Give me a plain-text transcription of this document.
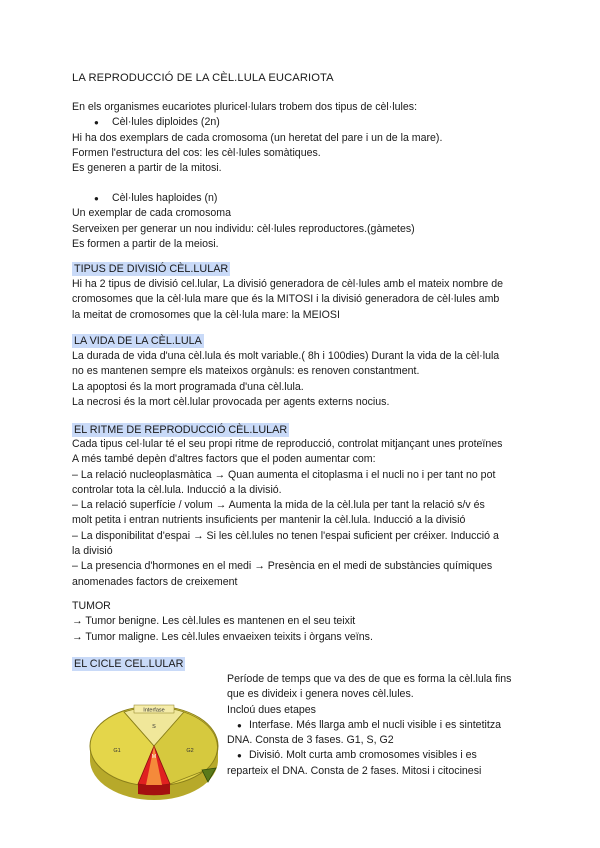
LA REPRODUCCIÓ DE LA CÈL.LULA EUCARIOTA

En els organismes eucariotes pluricel·lulars trobem dos tipus de cèl·lules:

● Cèl·lules diploides (2n)

Hi ha dos exemplars de cada cromosoma (un heretat del pare i un de la mare).

Formen l'estructura del cos: les cèl·lules somàtiques.

Es generen a partir de la mitosi.

● Cèl·lules haploides (n)

Un exemplar de cada cromosoma

Serveixen per generar un nou individu: cèl·lules reproductores.(gàmetes)

Es formen a partir de la meiosi.

TIPUS DE DIVISIÓ CÈL.LULAR

Hi ha 2 tipus de divisió cel.lular, La divisió generadora de cèl·lules amb el mateix nombre de

cromosomes que la cèl·lula mare que és la MITOSI i la divisió generadora de cèl·lules amb

la meitat de cromosomes que la cèl·lula mare: la MEIOSI

LA VIDA DE LA CÈL.LULA

La durada de vida d'una cèl.lula és molt variable.( 8h i 100dies) Durant la vida de la cèl·lula

no es mantenen sempre els mateixos orgànuls: es renoven constantment.

La apoptosi és la mort programada d'una cèl.lula.

La necrosi és la mort cèl.lular provocada per agents externs nocius.

EL RITME DE REPRODUCCIÓ CÈL.LULAR

Cada tipus cel·lular té el seu propi ritme de reproducció, controlat mitjançant unes proteïnes

A més també depèn d'altres factors que el poden aumentar com:

– La relació nucleoplasmàtica → Quan aumenta el citoplasma i el nucli no i per tant no pot

controlar tota la cèl.lula. Inducció a la divisió.

– La relació superfície / volum → Aumenta la mida de la cèl.lula per tant la relació s/v és

molt petita i entran nutrients insuficients per mantenir la cèl.lula. Inducció a la divisió

– La disponibilitat d'espai → Si les cèl.lules no tenen l'espai suficient per créixer. Inducció a

la divisió

– La presencia d'hormones en el medi → Presència en el medi de substàncies químiques

anomenades factors de creixement

TUMOR

→ Tumor benigne. Les cèl.lules es mantenen en el seu teixit

→ Tumor maligne. Les cèl.lules envaeixen teixits i òrgans veïns.

EL CICLE CEL.LULAR
Interfase
S
G1	G2
M

Període de temps que va des de que es forma la cèl.lula fins

que es divideix i genera noves cèl.lules.

Incloú dues etapes

● Interfase. Més llarga amb el nucli visible i es sintetitza

DNA. Consta de 3 fases. G1, S, G2

● Divisió. Molt curta amb cromosomes visibles i es

reparteix el DNA. Consta de 2 fases. Mitosi i citocinesi
